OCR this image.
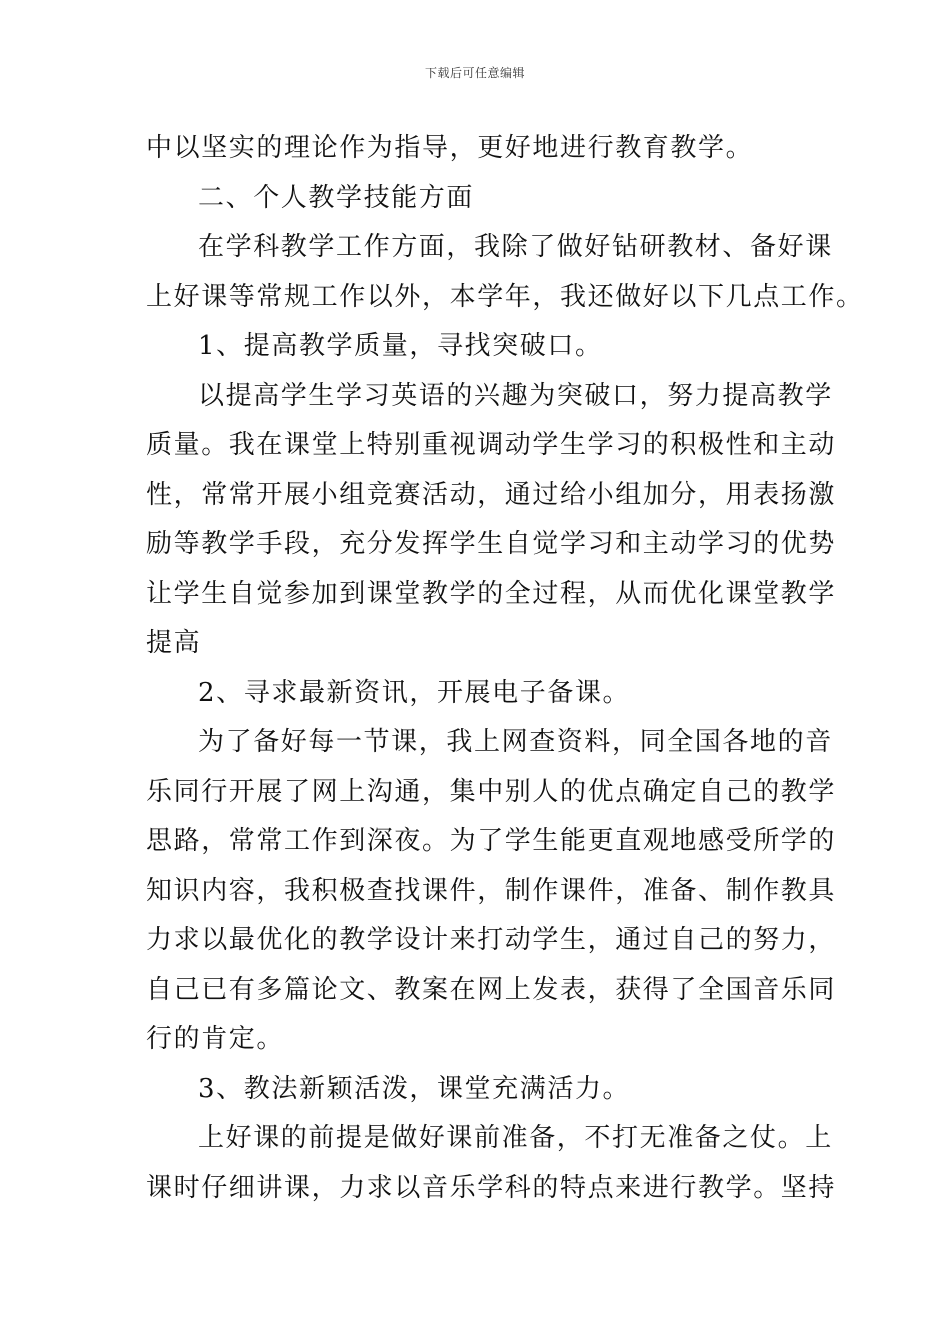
下载后可任意编辑
中以坚实的理论作为指导，更好地进行教育教学。
二、个人教学技能方面
在学科教学工作方面，我除了做好钻研教材、备好课
上好课等常规工作以外，本学年，我还做好以下几点工作。
1、提高教学质量，寻找突破口。
以提高学生学习英语的兴趣为突破口，努力提高教学
质量。我在课堂上特别重视调动学生学习的积极性和主动
性，常常开展小组竞赛活动，通过给小组加分，用表扬激
励等教学手段，充分发挥学生自觉学习和主动学习的优势
让学生自觉参加到课堂教学的全过程，从而优化课堂教学
提高
2、寻求最新资讯，开展电子备课。
为了备好每一节课，我上网查资料，同全国各地的音
乐同行开展了网上沟通，集中别人的优点确定自己的教学
思路，常常工作到深夜。为了学生能更直观地感受所学的
知识内容，我积极查找课件，制作课件，准备、制作教具
力求以最优化的教学设计来打动学生，通过自己的努力，
自己已有多篇论文、教案在网上发表，获得了全国音乐同
行的肯定。
3、教法新颖活泼，课堂充满活力。
上好课的前提是做好课前准备，不打无准备之仗。上
课时仔细讲课，力求以音乐学科的特点来进行教学。坚持
